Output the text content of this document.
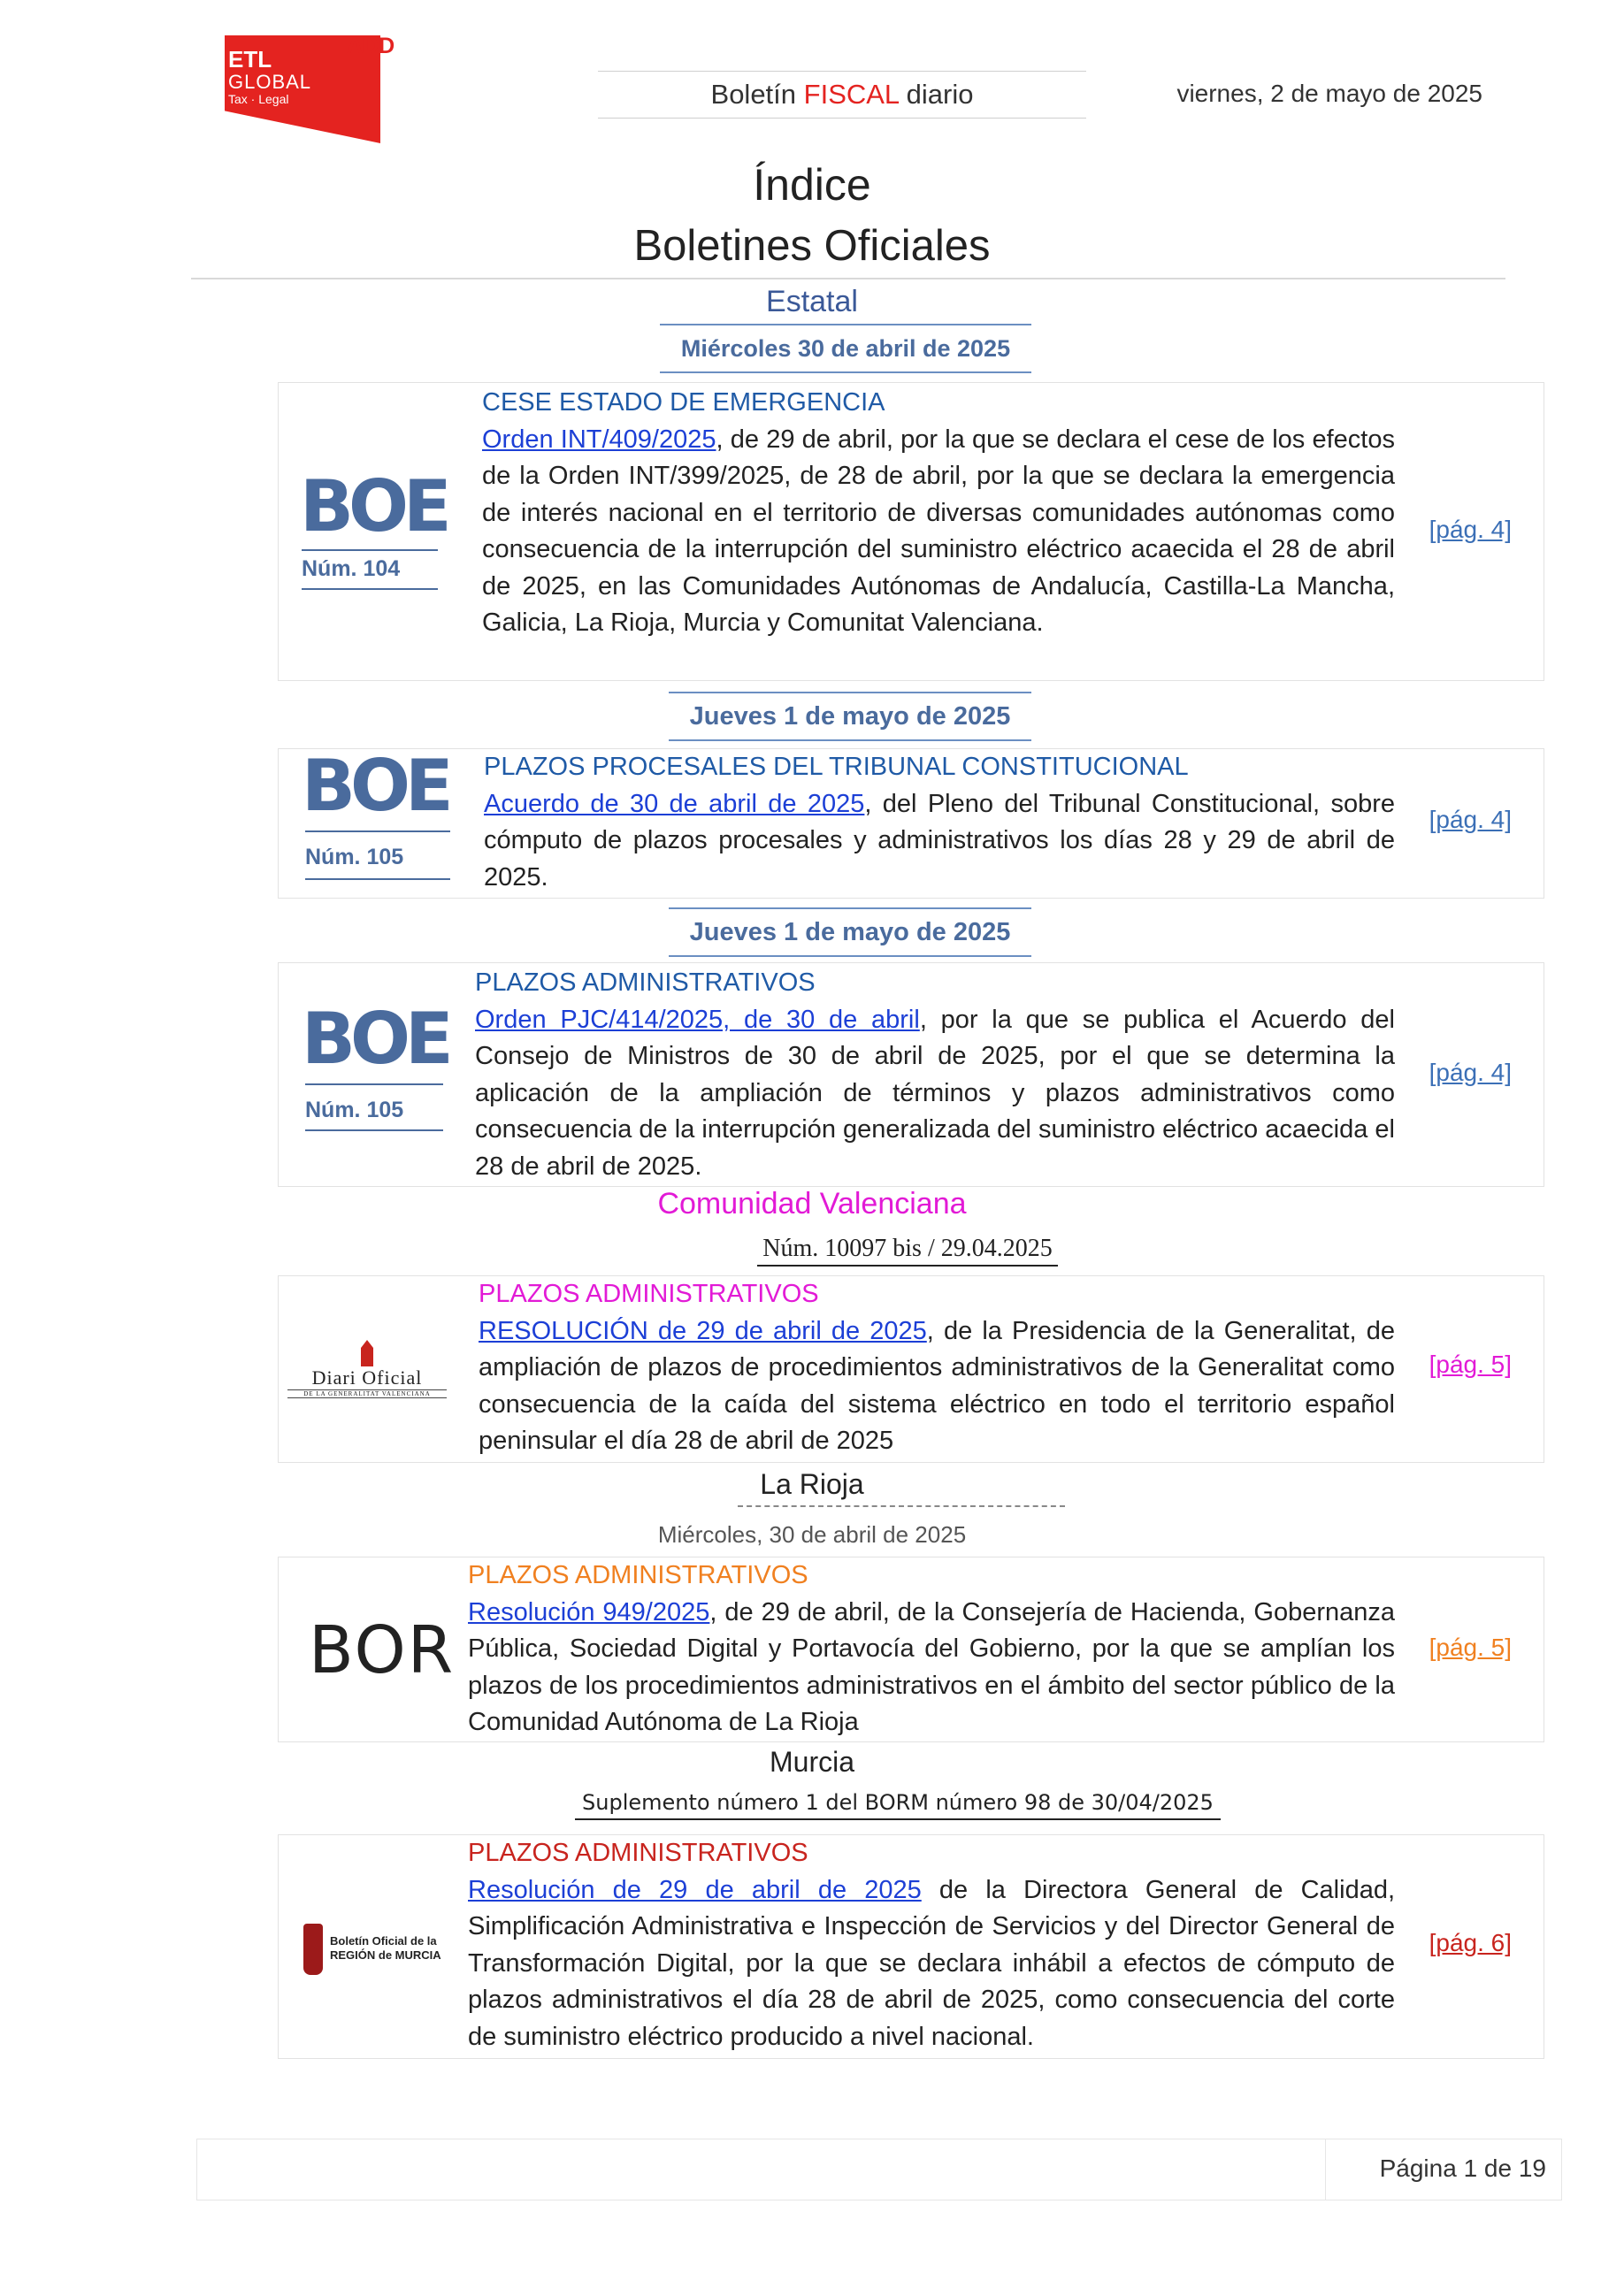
ADD
ETL
GLOBAL
Tax · Legal	Boletín FISCAL diario	viernes, 2 de mayo de 2025
Índice
Boletines Oficiales
Estatal
Miércoles 30 de abril de 2025
BOE
Núm. 104
CESE ESTADO DE EMERGENCIA
Orden INT/409/2025, de 29 de abril, por la que se declara el cese de los efectos de la Orden INT/399/2025, de 28 de abril, por la que se declara la emergencia de interés nacional en el territorio de diversas comunidades autónomas como consecuencia de la interrupción del suministro eléctrico acaecida el 28 de abril de 2025, en las Comunidades Autónomas de Andalucía, Castilla-La Mancha, Galicia, La Rioja, Murcia y Comunitat Valenciana.
[pág. 4]
Jueves 1 de mayo de 2025
BOE
Núm. 105
PLAZOS PROCESALES DEL TRIBUNAL CONSTITUCIONAL
Acuerdo de 30 de abril de 2025, del Pleno del Tribunal Constitucional, sobre cómputo de plazos procesales y administrativos los días 28 y 29 de abril de 2025.
[pág. 4]
Jueves 1 de mayo de 2025
BOE
Núm. 105
PLAZOS ADMINISTRATIVOS
Orden PJC/414/2025, de 30 de abril, por la que se publica el Acuerdo del Consejo de Ministros de 30 de abril de 2025, por el que se determina la aplicación de la ampliación de términos y plazos administrativos como consecuencia de la interrupción generalizada del suministro eléctrico acaecida el 28 de abril de 2025.
[pág. 4]
Comunidad Valenciana
Núm. 10097 bis / 29.04.2025
Diari Oficial
DE LA GENERALITAT VALENCIANA
PLAZOS ADMINISTRATIVOS
RESOLUCIÓN de 29 de abril de 2025, de la Presidencia de la Generalitat, de ampliación de plazos de procedimientos administrativos de la Generalitat como consecuencia de la caída del sistema eléctrico en todo el territorio español peninsular el día 28 de abril de 2025
[pág. 5]
La Rioja
Miércoles, 30 de abril de 2025
BOR
PLAZOS ADMINISTRATIVOS
Resolución 949/2025, de 29 de abril, de la Consejería de Hacienda, Gobernanza Pública, Sociedad Digital y Portavocía del Gobierno, por la que se amplían los plazos de los procedimientos administrativos en el ámbito del sector público de la Comunidad Autónoma de La Rioja
[pág. 5]
Murcia
Suplemento número 1 del BORM número 98 de 30/04/2025
Boletín Oficial de la
REGIÓN de MURCIA
PLAZOS ADMINISTRATIVOS
Resolución de 29 de abril de 2025 de la Directora General de Calidad, Simplificación Administrativa e Inspección de Servicios y del Director General de Transformación Digital, por la que se declara inhábil a efectos de cómputo de plazos administrativos el día 28 de abril de 2025, como consecuencia del corte de suministro eléctrico producido a nivel nacional.
[pág. 6]
Página 1 de 19
